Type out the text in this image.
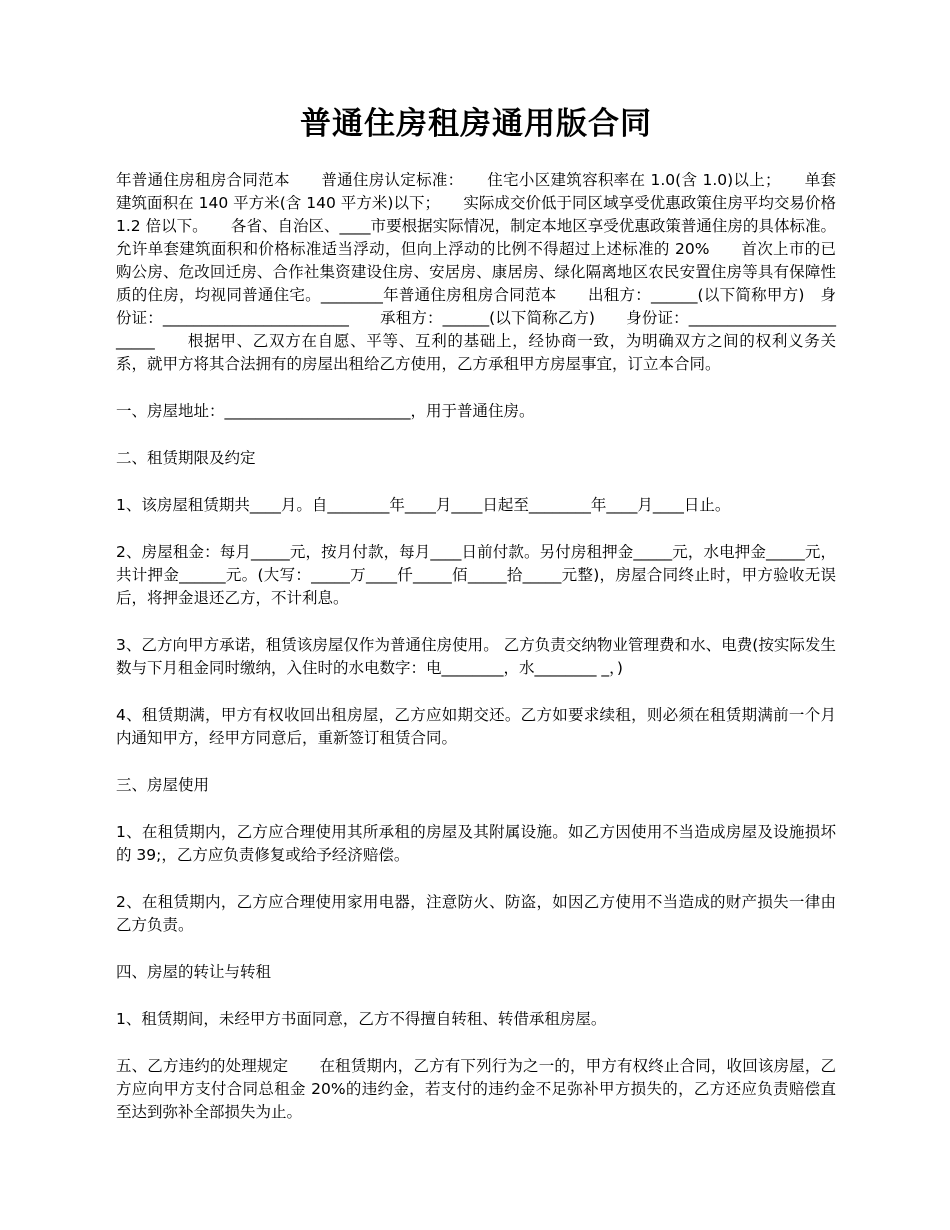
普通住房租房通用版合同

年普通住房租房合同范本　　普通住房认定标准：　　住宅小区建筑容积率在 1.0(含 1.0)以上；　　单套建筑面积在 140 平方米(含 140 平方米)以下；　　实际成交价低于同区域享受优惠政策住房平均交易价格 1.2 倍以下。　　各省、自治区、____市要根据实际情况，制定本地区享受优惠政策普通住房的具体标准。允许单套建筑面积和价格标准适当浮动，但向上浮动的比例不得超过上述标准的 20%　　首次上市的已购公房、危改回迁房、合作社集资建设住房、安居房、康居房、绿化隔离地区农民安置住房等具有保障性质的住房，均视同普通住宅。________年普通住房租房合同范本　　出租方：______(以下简称甲方)　身份证：________________________　　承租方：______(以下简称乙方)　　身份证：________________________　　根据甲、乙双方在自愿、平等、互利的基础上，经协商一致，为明确双方之间的权利义务关系，就甲方将其合法拥有的房屋出租给乙方使用，乙方承租甲方房屋事宜，订立本合同。

一、房屋地址：________________________，用于普通住房。

二、租赁期限及约定

1、该房屋租赁期共____月。自________年____月____日起至________年____月____日止。

2、房屋租金：每月_____元，按月付款，每月____日前付款。另付房租押金_____元，水电押金_____元，共计押金______元。(大写：_____万____仟_____佰_____拾_____元整)，房屋合同终止时，甲方验收无误后，将押金退还乙方，不计利息。

3、乙方向甲方承诺，租赁该房屋仅作为普通住房使用。 乙方负责交纳物业管理费和水、电费(按实际发生数与下月租金同时缴纳，入住时的水电数字：电________，水________ _，)

4、租赁期满，甲方有权收回出租房屋，乙方应如期交还。乙方如要求续租，则必须在租赁期满前一个月内通知甲方，经甲方同意后，重新签订租赁合同。

三、房屋使用

1、在租赁期内，乙方应合理使用其所承租的房屋及其附属设施。如乙方因使用不当造成房屋及设施损坏的 39;，乙方应负责修复或给予经济赔偿。

2、在租赁期内，乙方应合理使用家用电器，注意防火、防盗，如因乙方使用不当造成的财产损失一律由乙方负责。

四、房屋的转让与转租

1、租赁期间，未经甲方书面同意，乙方不得擅自转租、转借承租房屋。

五、乙方违约的处理规定　　在租赁期内，乙方有下列行为之一的，甲方有权终止合同，收回该房屋，乙方应向甲方支付合同总租金 20%的违约金，若支付的违约金不足弥补甲方损失的，乙方还应负责赔偿直至达到弥补全部损失为止。
